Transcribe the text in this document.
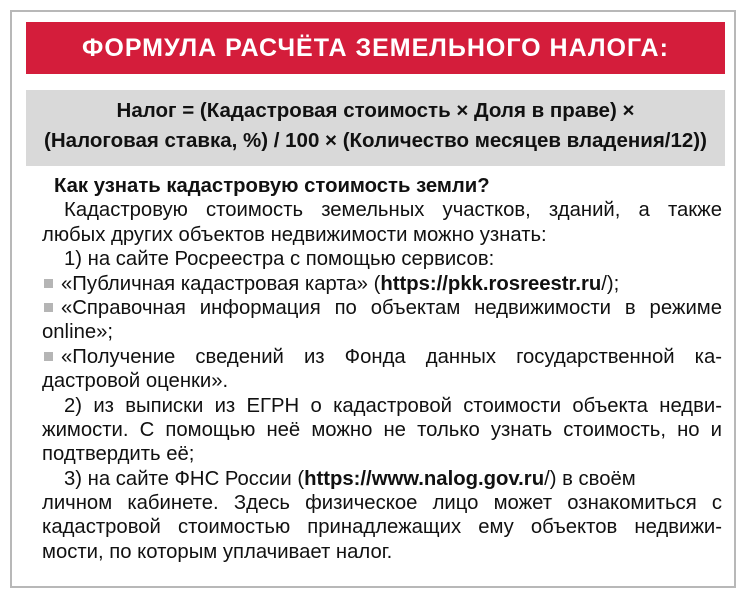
ФОРМУЛА РАСЧЁТА ЗЕМЕЛЬНОГО НАЛОГА:
Налог = (Кадастровая стоимость × Доля в праве) ×
(Налоговая ставка, %) / 100 × (Количество месяцев владения/12))
Как узнать кадастровую стоимость земли?
Кадастровую стоимость земельных участков, зданий, а также
любых других объектов недвижимости можно узнать:
1) на сайте Росреестра с помощью сервисов:
«Публичная кадастровая карта» (https://pkk.rosreestr.ru/);
«Справочная информация по объектам недвижимости в режиме
online»;
«Получение сведений из Фонда данных государственной ка-
дастровой оценки».
2) из выписки из ЕГРН о кадастровой стоимости объекта недви-
жимости. С помощью неё можно не только узнать стоимость, но и
подтвердить её;
3) на сайте ФНС России (https://www.nalog.gov.ru/) в своём
личном кабинете. Здесь физическое лицо может ознакомиться с
кадастровой стоимостью принадлежащих ему объектов недвижи-
мости, по которым уплачивает налог.
